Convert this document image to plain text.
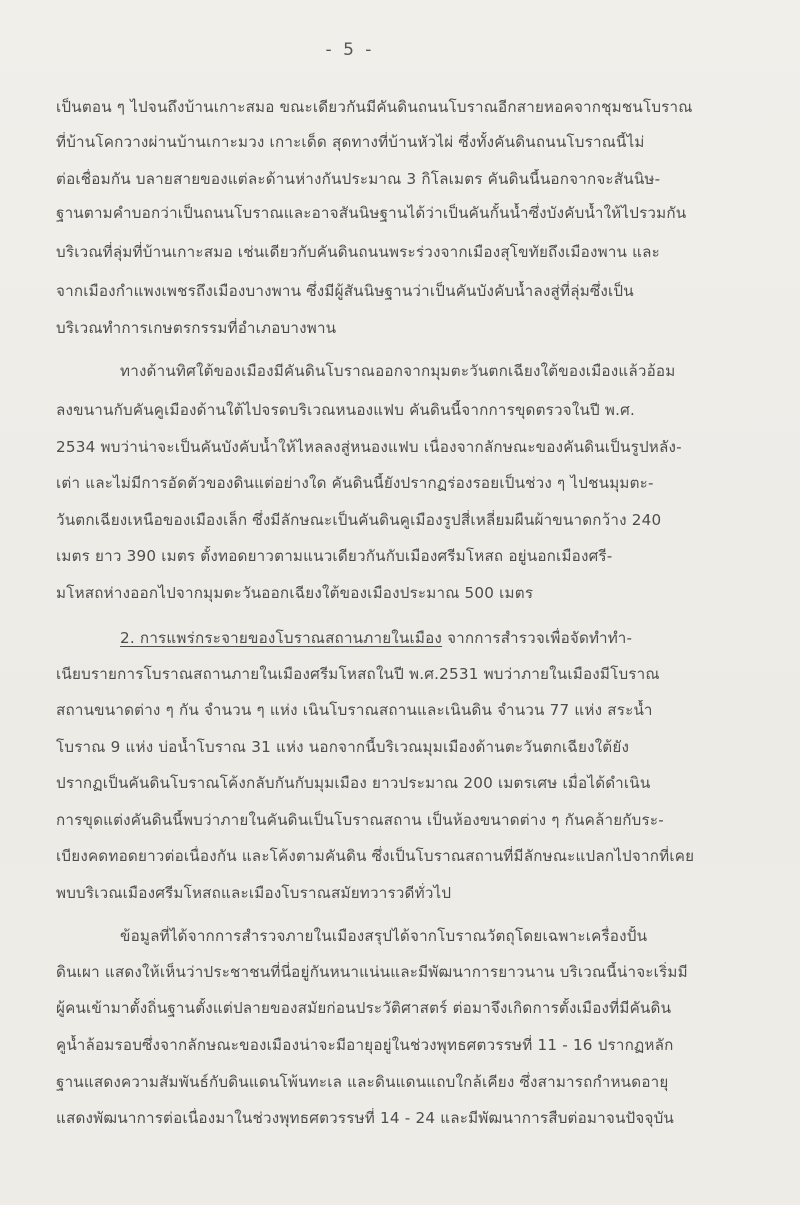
- 5 -
เป็นตอน ๆ ไปจนถึงบ้านเกาะสมอ ขณะเดียวกันมีคันดินถนนโบราณอีกสายหอคจากชุมชนโบราณ
ที่บ้านโคกวางผ่านบ้านเกาะมวง เกาะเด็ด สุดทางที่บ้านหัวไผ่ ซึ่งทั้งคันดินถนนโบราณนี้ไม่
ต่อเชื่อมกัน บลายสายของแต่ละด้านห่างกันประมาณ 3 กิโลเมตร คันดินนี้นอกจากจะสันนิษ-
ฐานตามคำบอกว่าเป็นถนนโบราณและอาจสันนิษฐานได้ว่าเป็นคันกั้นน้ำซึ่งบังคับน้ำให้ไปรวมกัน
บริเวณที่ลุ่มที่บ้านเกาะสมอ เช่นเดียวกับคันดินถนนพระร่วงจากเมืองสุโขทัยถึงเมืองพาน และ
จากเมืองกำแพงเพชรถึงเมืองบางพาน ซึ่งมีผู้สันนิษฐานว่าเป็นคันบังคับน้ำลงสู่ที่ลุ่มซึ่งเป็น
บริเวณทำการเกษตรกรรมที่อำเภอบางพาน
ทางด้านทิศใต้ของเมืองมีคันดินโบราณออกจากมุมตะวันตกเฉียงใต้ของเมืองแล้วอ้อม
ลงขนานกับคันคูเมืองด้านใต้ไปจรดบริเวณหนองแฟบ คันดินนี้จากการขุดตรวจในปี พ.ศ.
2534 พบว่าน่าจะเป็นคันบังคับน้ำให้ไหลลงสู่หนองแฟบ เนื่องจากลักษณะของคันดินเป็นรูปหลัง-
เต่า และไม่มีการอัดตัวของดินแต่อย่างใด คันดินนี้ยังปรากฏร่องรอยเป็นช่วง ๆ ไปชนมุมตะ-
วันตกเฉียงเหนือของเมืองเล็ก ซึ่งมีลักษณะเป็นคันดินคูเมืองรูปสี่เหลี่ยมผืนผ้าขนาดกว้าง 240
เมตร ยาว 390 เมตร ตั้งทอดยาวตามแนวเดียวกันกับเมืองศรีมโหสถ อยู่นอกเมืองศรี-
มโหสถห่างออกไปจากมุมตะวันออกเฉียงใต้ของเมืองประมาณ 500 เมตร
2. การแพร่กระจายของโบราณสถานภายในเมือง จากการสำรวจเพื่อจัดทำทำ-
เนียบรายการโบราณสถานภายในเมืองศรีมโหสถในปี พ.ศ.2531 พบว่าภายในเมืองมีโบราณ
สถานขนาดต่าง ๆ กัน จำนวน ๆ แห่ง เนินโบราณสถานและเนินดิน จำนวน 77 แห่ง สระน้ำ
โบราณ 9 แห่ง บ่อน้ำโบราณ 31 แห่ง นอกจากนี้บริเวณมุมเมืองด้านตะวันตกเฉียงใต้ยัง
ปรากฏเป็นคันดินโบราณโค้งกลับกันกับมุมเมือง ยาวประมาณ 200 เมตรเศษ เมื่อได้ดำเนิน
การขุดแต่งคันดินนี้พบว่าภายในคันดินเป็นโบราณสถาน เป็นห้องขนาดต่าง ๆ กันคล้ายกับระ-
เบียงคดทอดยาวต่อเนื่องกัน และโค้งตามคันดิน ซึ่งเป็นโบราณสถานที่มีลักษณะแปลกไปจากที่เคย
พบบริเวณเมืองศรีมโหสถและเมืองโบราณสมัยทวารวดีทั่วไป
ข้อมูลที่ได้จากการสำรวจภายในเมืองสรุปได้จากโบราณวัตถุโดยเฉพาะเครื่องปั้น
ดินเผา แสดงให้เห็นว่าประชาชนที่นี่อยู่กันหนาแน่นและมีพัฒนาการยาวนาน บริเวณนี้น่าจะเริ่มมี
ผู้คนเข้ามาตั้งถิ่นฐานตั้งแต่ปลายของสมัยก่อนประวัติศาสตร์ ต่อมาจึงเกิดการตั้งเมืองที่มีคันดิน
คูน้ำล้อมรอบซึ่งจากลักษณะของเมืองน่าจะมีอายุอยู่ในช่วงพุทธศตวรรษที่ 11 - 16 ปรากฏหลัก
ฐานแสดงความสัมพันธ์กับดินแดนโพ้นทะเล และดินแดนแถบใกล้เคียง ซึ่งสามารถกำหนดอายุ
แสดงพัฒนาการต่อเนื่องมาในช่วงพุทธศตวรรษที่ 14 - 24 และมีพัฒนาการสืบต่อมาจนปัจจุบัน
